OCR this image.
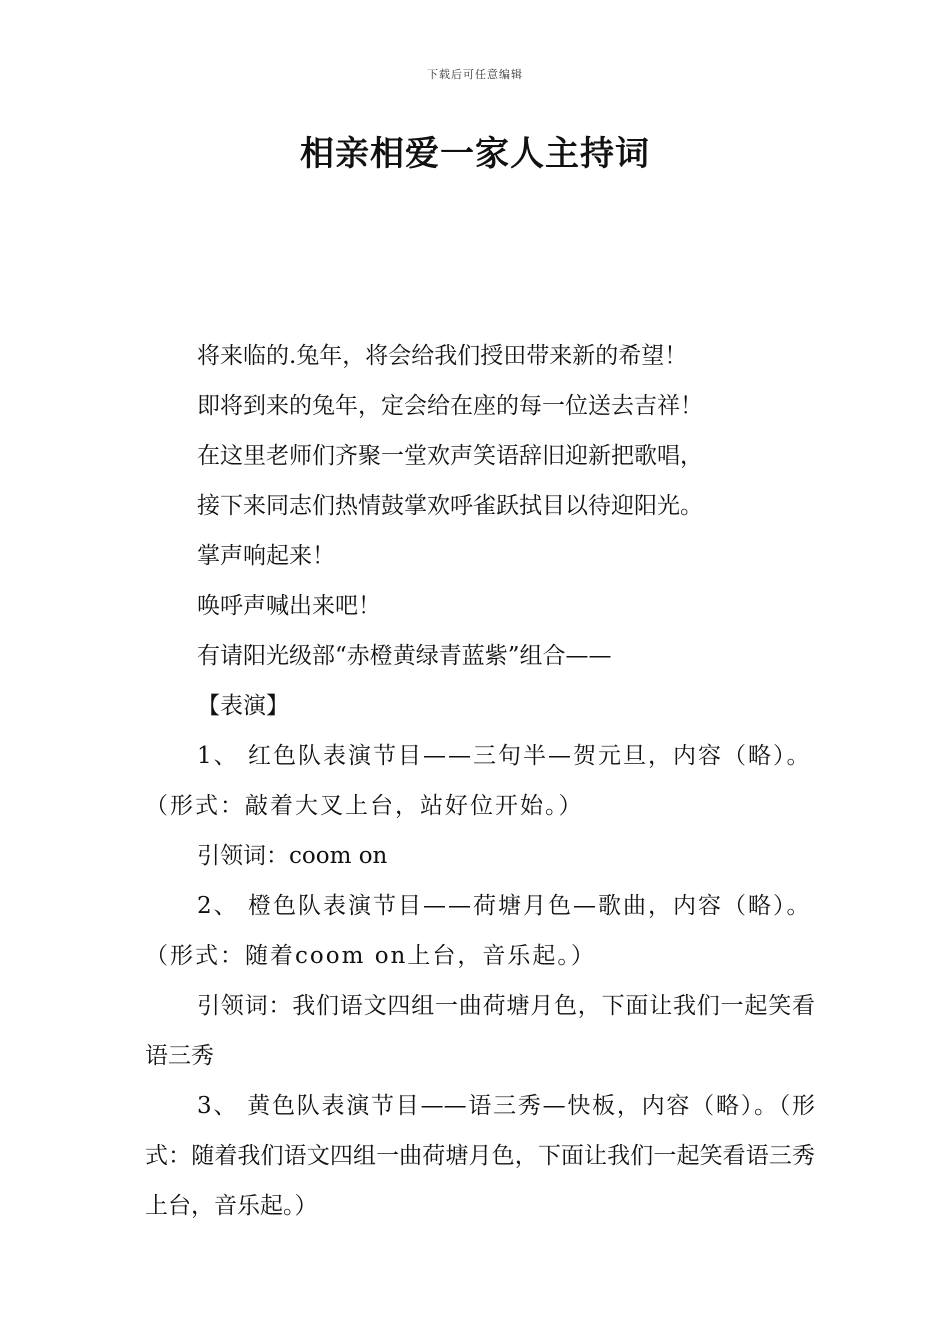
下载后可任意编辑
相亲相爱一家人主持词

将来临的.兔年，将会给我们授田带来新的希望！

即将到来的兔年，定会给在座的每一位送去吉祥！

在这里老师们齐聚一堂欢声笑语辞旧迎新把歌唱，

接下来同志们热情鼓掌欢呼雀跃拭目以待迎阳光。

掌声响起来！

唤呼声喊出来吧！

有请阳光级部“赤橙黄绿青蓝紫”组合——

【表演】

1、 红色队表演节目——三句半—贺元旦，内容（略）。（形式：敲着大叉上台，站好位开始。）

引领词：coom on

2、 橙色队表演节目——荷塘月色—歌曲，内容（略）。（形式：随着coom on上台，音乐起。）

引领词：我们语文四组一曲荷塘月色，下面让我们一起笑看语三秀

3、 黄色队表演节目——语三秀—快板，内容（略）。（形式：随着我们语文四组一曲荷塘月色，下面让我们一起笑看语三秀上台，音乐起。）
